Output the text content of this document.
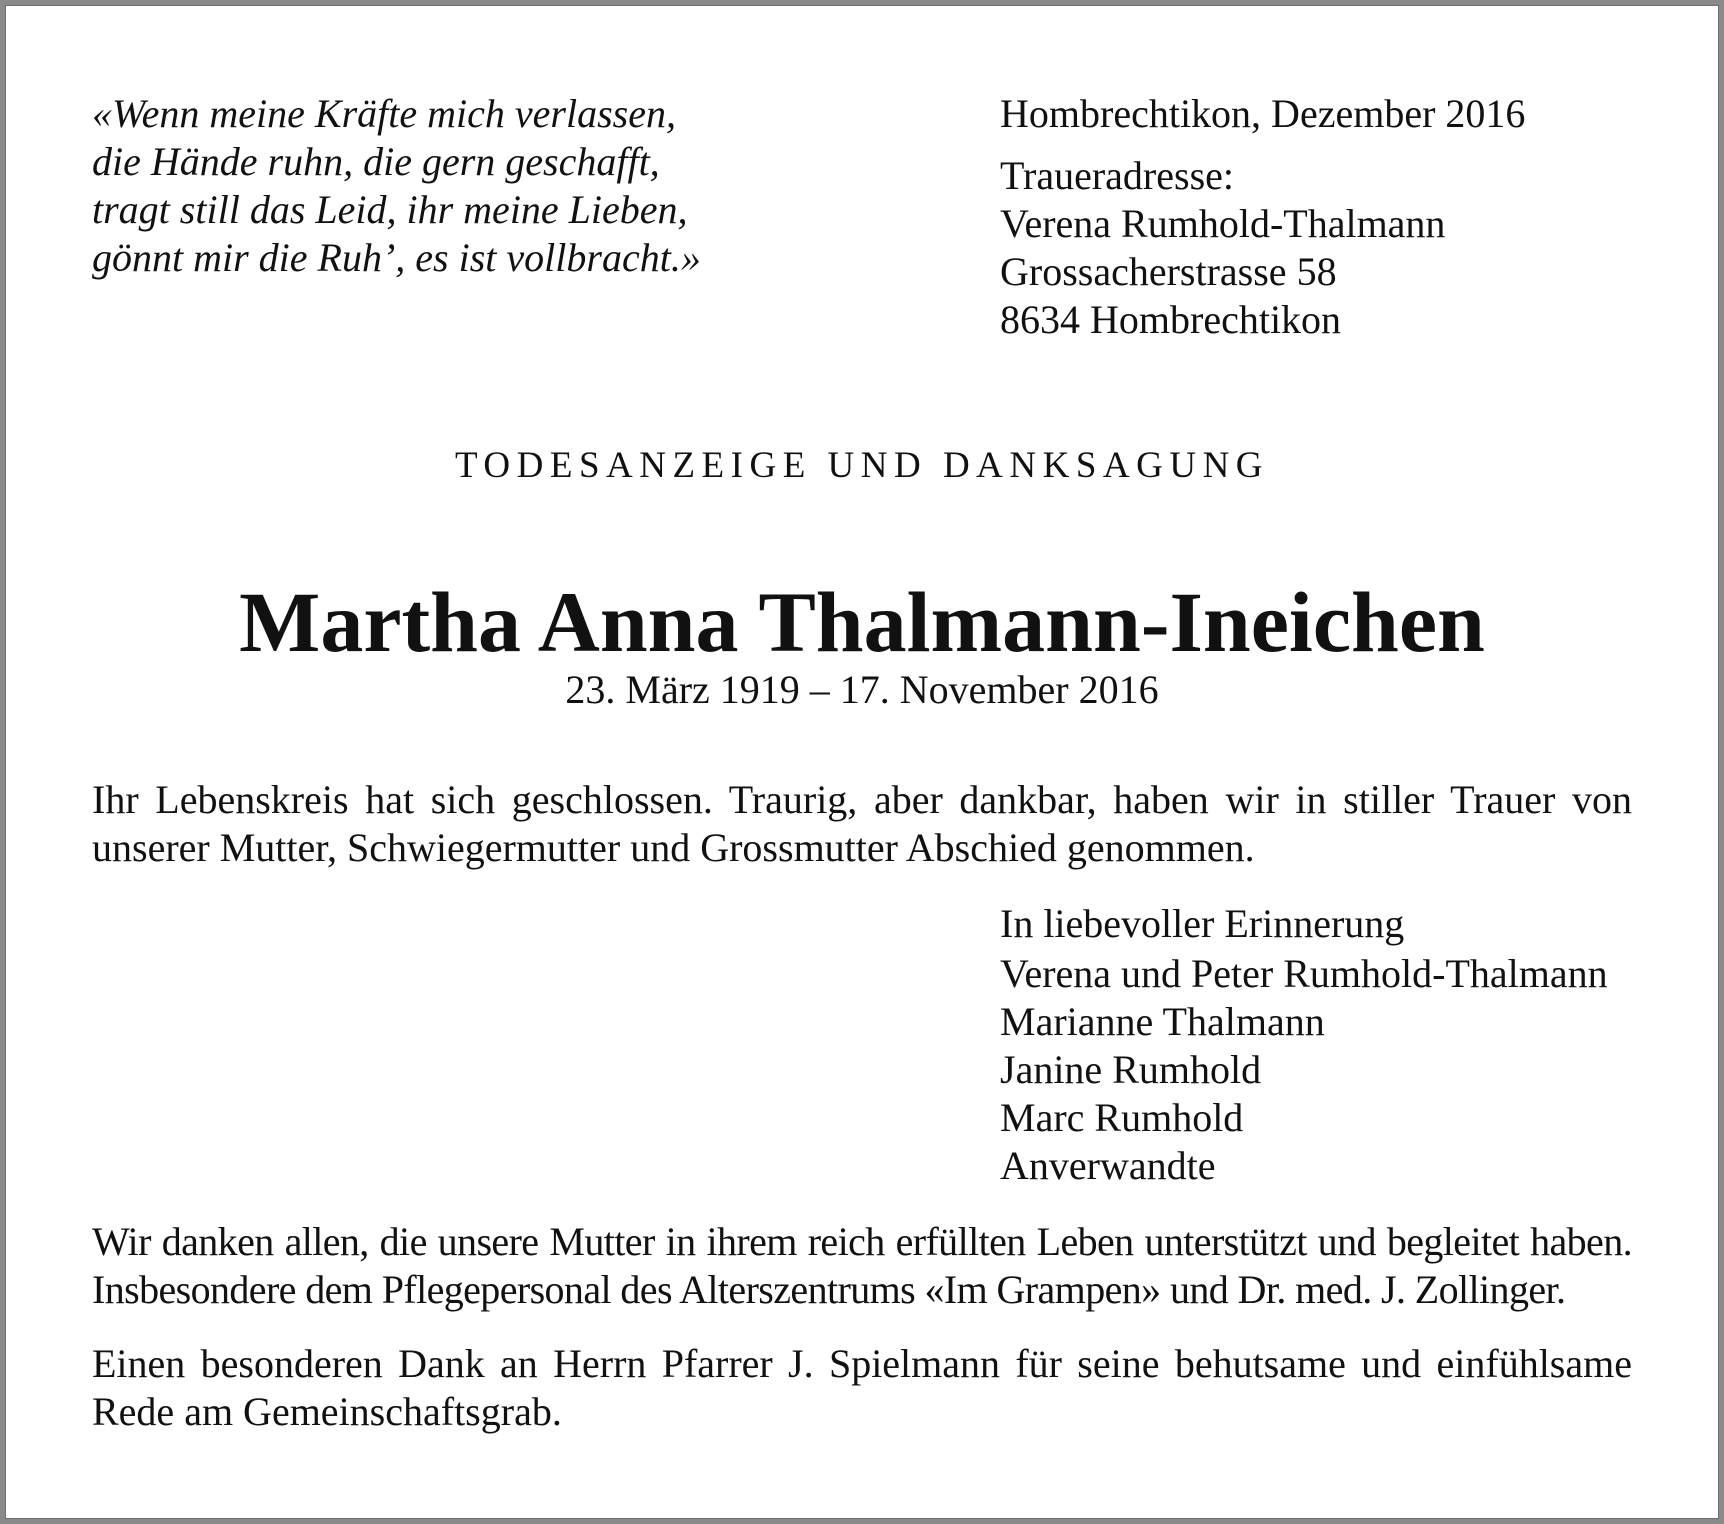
«Wenn meine Kräfte mich verlassen,
die Hände ruhn, die gern geschafft,
tragt still das Leid, ihr meine Lieben,
gönnt mir die Ruh’, es ist vollbracht.»
Hombrechtikon, Dezember 2016
Traueradresse:
Verena Rumhold-Thalmann
Grossacherstrasse 58
8634 Hombrechtikon
TODESANZEIGE UND DANKSAGUNG
Martha Anna Thalmann-Ineichen
23. März 1919 – 17. November 2016
Ihr Lebenskreis hat sich geschlossen. Traurig, aber dankbar, haben wir in stiller Trauer von unserer Mutter, Schwiegermutter und Grossmutter Abschied genommen.
In liebevoller Erinnerung
Verena und Peter Rumhold-Thalmann
Marianne Thalmann
Janine Rumhold
Marc Rumhold
Anverwandte
Wir danken allen, die unsere Mutter in ihrem reich erfüllten Leben unterstützt und begleitet haben. Insbesondere dem Pflegepersonal des Alterszentrums «Im Grampen» und Dr. med. J. Zollinger.
Einen besonderen Dank an Herrn Pfarrer J. Spielmann für seine behutsame und einfühlsame Rede am Gemeinschaftsgrab.
